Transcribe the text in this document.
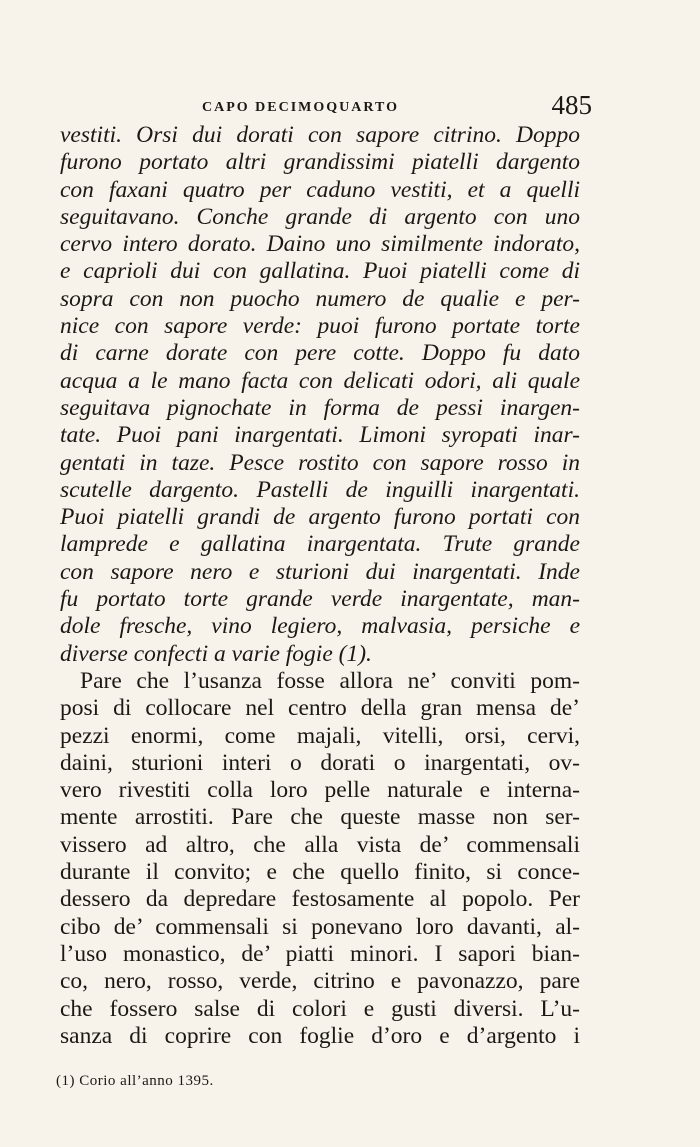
CAPO DECIMOQUARTO	485
vestiti. Orsi dui dorati con sapore citrino. Doppo
furono portato altri grandissimi piatelli dargento
con faxani quatro per caduno vestiti, et a quelli
seguitavano. Conche grande di argento con uno
cervo intero dorato. Daino uno similmente indorato,
e caprioli dui con gallatina. Puoi piatelli come di
sopra con non puocho numero de qualie e per-
nice con sapore verde: puoi furono portate torte
di carne dorate con pere cotte. Doppo fu dato
acqua a le mano facta con delicati odori, ali quale
seguitava pignochate in forma de pessi inargen-
tate. Puoi pani inargentati. Limoni syropati inar-
gentati in taze. Pesce rostito con sapore rosso in
scutelle dargento. Pastelli de inguilli inargentati.
Puoi piatelli grandi de argento furono portati con
lamprede e gallatina inargentata. Trute grande
con sapore nero e sturioni dui inargentati. Inde
fu portato torte grande verde inargentate, man-
dole fresche, vino legiero, malvasia, persiche e
diverse confecti a varie fogie (1).
Pare che l’usanza fosse allora ne’ conviti pom-
posi di collocare nel centro della gran mensa de’
pezzi enormi, come majali, vitelli, orsi, cervi,
daini, sturioni interi o dorati o inargentati, ov-
vero rivestiti colla loro pelle naturale e interna-
mente arrostiti. Pare che queste masse non ser-
vissero ad altro, che alla vista de’ commensali
durante il convito; e che quello finito, si conce-
dessero da depredare festosamente al popolo. Per
cibo de’ commensali si ponevano loro davanti, al-
l’uso monastico, de’ piatti minori. I sapori bian-
co, nero, rosso, verde, citrino e pavonazzo, pare
che fossero salse di colori e gusti diversi. L’u-
sanza di coprire con foglie d’oro e d’argento i
(1) Corio all’anno 1395.
